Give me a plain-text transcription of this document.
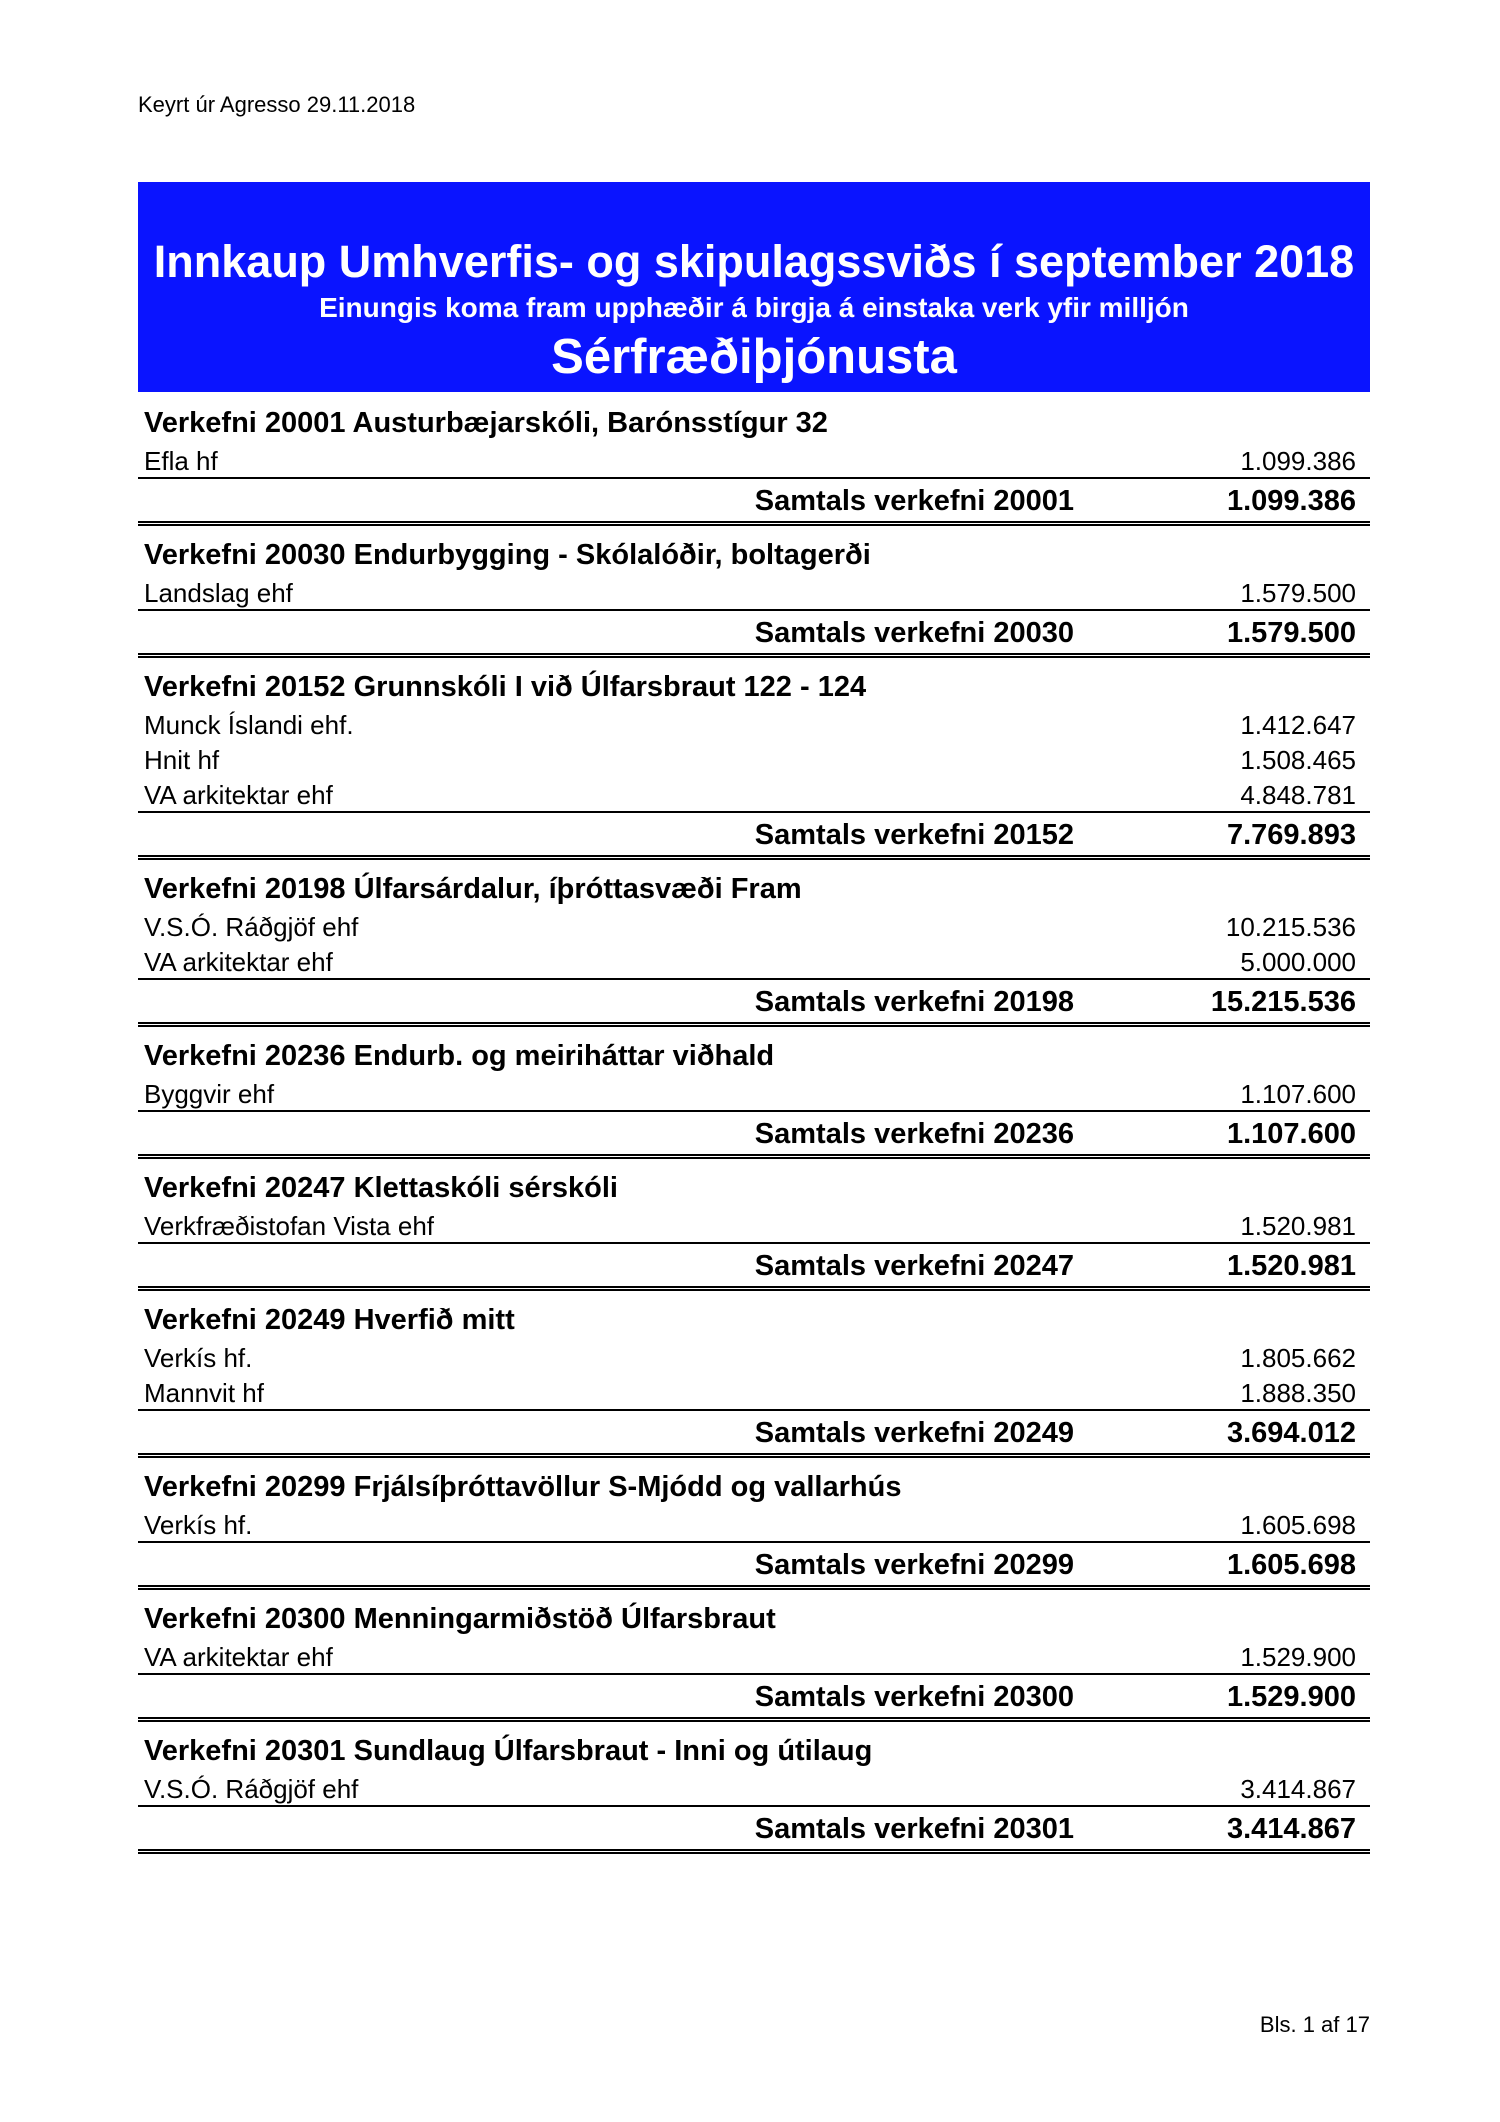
Keyrt úr Agresso 29.11.2018
Innkaup Umhverfis- og skipulagssviðs í september 2018
Einungis koma fram upphæðir á birgja á einstaka verk yfir milljón
Sérfræðiþjónusta
Verkefni 20001 Austurbæjarskóli, Barónsstígur 32
Efla hf	1.099.386
Samtals verkefni 20001	1.099.386
Verkefni 20030 Endurbygging - Skólalóðir, boltagerði
Landslag ehf	1.579.500
Samtals verkefni 20030	1.579.500
Verkefni 20152 Grunnskóli I við Úlfarsbraut 122 - 124
Munck Íslandi ehf.	1.412.647
Hnit hf	1.508.465
VA arkitektar ehf	4.848.781
Samtals verkefni 20152	7.769.893
Verkefni 20198 Úlfarsárdalur, íþróttasvæði Fram
V.S.Ó. Ráðgjöf ehf	10.215.536
VA arkitektar ehf	5.000.000
Samtals verkefni 20198	15.215.536
Verkefni 20236 Endurb. og meiriháttar viðhald
Byggvir ehf	1.107.600
Samtals verkefni 20236	1.107.600
Verkefni 20247 Klettaskóli sérskóli
Verkfræðistofan Vista ehf	1.520.981
Samtals verkefni 20247	1.520.981
Verkefni 20249 Hverfið mitt
Verkís hf.	1.805.662
Mannvit hf	1.888.350
Samtals verkefni 20249	3.694.012
Verkefni 20299 Frjálsíþróttavöllur S-Mjódd og vallarhús
Verkís hf.	1.605.698
Samtals verkefni 20299	1.605.698
Verkefni 20300 Menningarmiðstöð Úlfarsbraut
VA arkitektar ehf	1.529.900
Samtals verkefni 20300	1.529.900
Verkefni 20301 Sundlaug Úlfarsbraut - Inni og útilaug
V.S.Ó. Ráðgjöf ehf	3.414.867
Samtals verkefni 20301	3.414.867
Bls. 1 af 17
